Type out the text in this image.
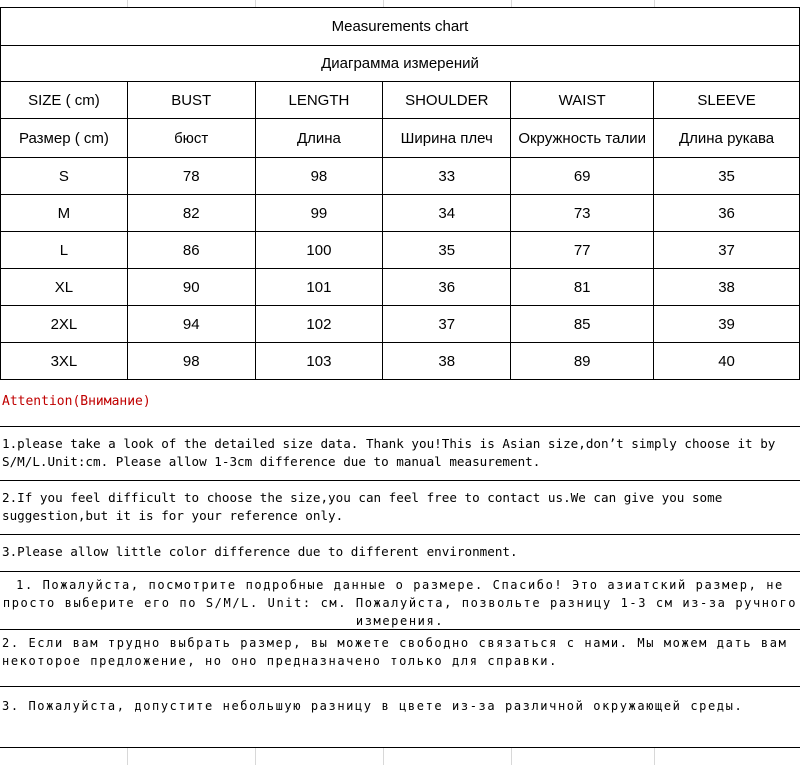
Measurements chart					
Диаграмма измерений					
SIZE ( cm)	BUST	LENGTH	SHOULDER	WAIST	SLEEVE
Размер ( cm)	бюст	Длина	Ширина плеч	Окружность талии	Длина рукава
S	78	98	33	69	35
M	82	99	34	73	36
L	86	100	35	77	37
XL	90	101	36	81	38
2XL	94	102	37	85	39
3XL	98	103	38	89	40
Attention(Внимание)
1.please take a look of the detailed size data. Thank you!This is Asian size,don’t simply choose it by S/M/L.Unit:cm. Please allow 1-3cm difference due to manual measurement.
2.If you feel difficult to choose the size,you can feel free to contact us.We can give you some suggestion,but it is for your reference only.
3.Please allow little color difference due to different environment.
1. Пожалуйста, посмотрите подробные данные о размере. Спасибо! Это азиатский размер, не просто выберите его по S/M/L. Unit: см. Пожалуйста, позвольте разницу 1-3 см из-за ручного измерения.
2. Если вам трудно выбрать размер, вы можете свободно связаться с нами. Мы можем дать вам некоторое предложение, но оно предназначено только для справки.
3. Пожалуйста, допустите небольшую разницу в цвете из-за различной окружающей среды.
